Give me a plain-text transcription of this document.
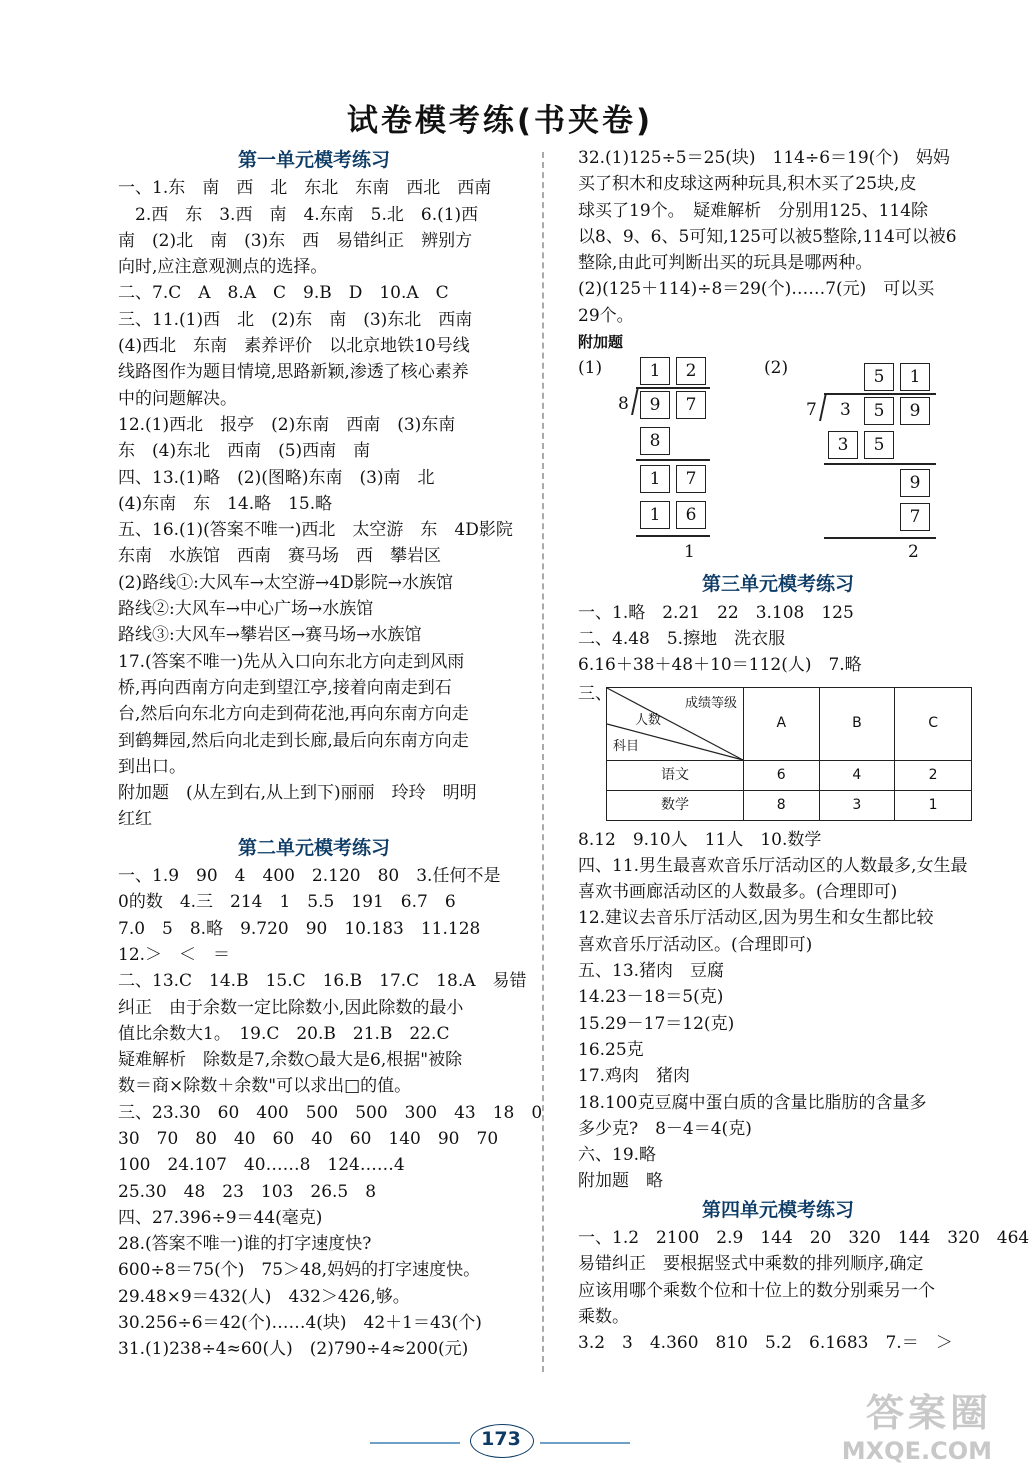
试卷模考练(书夹卷)
第一单元模考练习
一、1.东　南　西　北　东北　东南　西北　西南
　2.西　东　3.西　南　4.东南　5.北　6.(1)西
南　(2)北　南　(3)东　西　易错纠正　辨别方
向时,应注意观测点的选择。
二、7.C　A　8.A　C　9.B　D　10.A　C
三、11.(1)西　北　(2)东　南　(3)东北　西南
(4)西北　东南　素养评价　以北京地铁10号线
线路图作为题目情境,思路新颖,渗透了核心素养
中的问题解决。
12.(1)西北　报亭　(2)东南　西南　(3)东南
东　(4)东北　西南　(5)西南　南
四、13.(1)略　(2)(图略)东南　(3)南　北
(4)东南　东　14.略　15.略
五、16.(1)(答案不唯一)西北　太空游　东　4D影院
东南　水族馆　西南　赛马场　西　攀岩区
(2)路线①:大风车→太空游→4D影院→水族馆
路线②:大风车→中心广场→水族馆
路线③:大风车→攀岩区→赛马场→水族馆
17.(答案不唯一)先从入口向东北方向走到风雨
桥,再向西南方向走到望江亭,接着向南走到石
台,然后向东北方向走到荷花池,再向东南方向走
到鹤舞园,然后向北走到长廊,最后向东南方向走
到出口。
附加题　(从左到右,从上到下)丽丽　玲玲　明明
红红
第二单元模考练习
一、1.9　90　4　400　2.120　80　3.任何不是
0的数　4.三　214　1　5.5　191　6.7　6
7.0　5　8.略　9.720　90　10.183　11.128
12.＞　＜　＝
二、13.C　14.B　15.C　16.B　17.C　18.A　易错
纠正　由于余数一定比除数小,因此除数的最小
值比余数大1。　19.C　20.B　21.B　22.C
疑难解析　除数是7,余数○最大是6,根据"被除
数＝商×除数＋余数"可以求出□的值。
三、23.30　60　400　500　500　300　43　18　0
30　70　80　40　60　40　60　140　90　70
100　24.107　40……8　124……4
25.30　48　23　103　26.5　8
四、27.396÷9＝44(毫克)
28.(答案不唯一)谁的打字速度快?
600÷8＝75(个)　75＞48,妈妈的打字速度快。
29.48×9＝432(人)　432＞426,够。
30.256÷6＝42(个)……4(块)　42＋1＝43(个)
31.(1)238÷4≈60(人)　(2)790÷4≈200(元)
32.(1)125÷5＝25(块)　114÷6＝19(个)　妈妈
买了积木和皮球这两种玩具,积木买了25块,皮
球买了19个。　疑难解析　分别用125、114除
以8、9、6、5可知,125可以被5整除,114可以被6
整除,由此可判断出买的玩具是哪两种。
(2)(125＋114)÷8＝29(个)……7(元)　可以买
29个。
附加题
(1)	1	2
8	9	7
8
1	7
1	6
1
(2)	5	1
7 3	5	9
3	5
9
7
2
第三单元模考练习
一、1.略　2.21　22　3.108　125
二、4.48　5.擦地　洗衣服
6.16＋38＋48＋10＝112(人)　7.略
三、	成绩等级
人数
科目	A	B	C
语文	6	4	2
数学	8	3	1
8.12　9.10人　11人　10.数学
四、11.男生最喜欢音乐厅活动区的人数最多,女生最
喜欢书画廊活动区的人数最多。(合理即可)
12.建议去音乐厅活动区,因为男生和女生都比较
喜欢音乐厅活动区。(合理即可)
五、13.猪肉　豆腐
14.23－18＝5(克)
15.29－17＝12(克)
16.25克
17.鸡肉　猪肉
18.100克豆腐中蛋白质的含量比脂肪的含量多
多少克?　8－4＝4(克)
六、19.略
附加题　略
第四单元模考练习
一、1.2　2100　2.9　144　20　320　144　320　464
易错纠正　要根据竖式中乘数的排列顺序,确定
应该用哪个乘数个位和十位上的数分别乘另一个
乘数。
3.2　3　4.360　810　5.2　6.1683　7.＝　＞
173
答案圈
MXQE.COM
